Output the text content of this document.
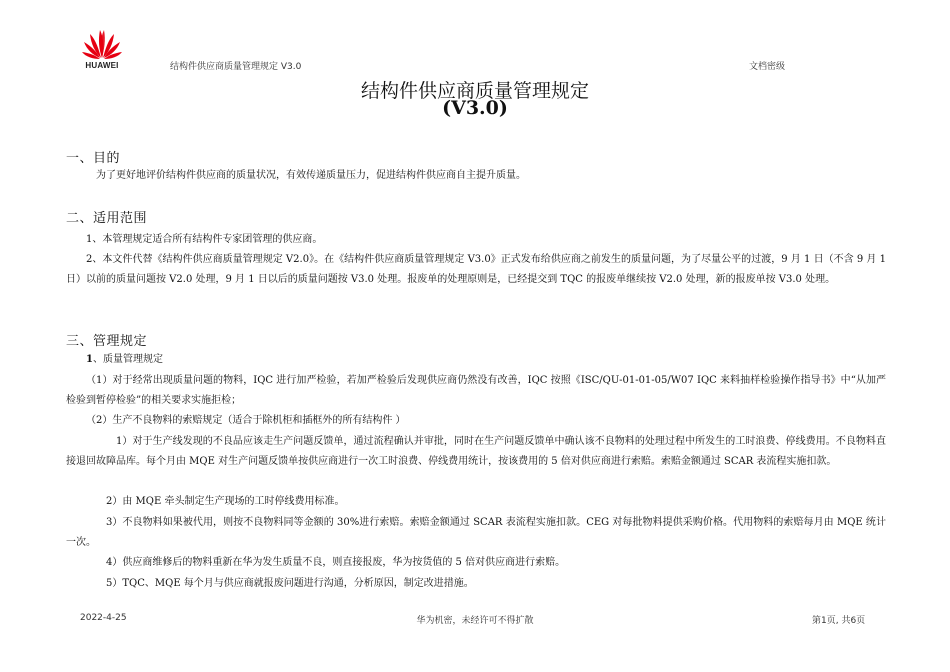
HUAWEI	结构件供应商质量管理规定 V3.0	文档密级
结构件供应商质量管理规定
(V3.0)
一、目的
为了更好地评价结构件供应商的质量状况，有效传递质量压力，促进结构件供应商自主提升质量。
二、适用范围
1、本管理规定适合所有结构件专家团管理的供应商。
2、本文件代替《结构件供应商质量管理规定 V2.0》。在《结构件供应商质量管理规定 V3.0》正式发布给供应商之前发生的质量问题，为了尽量公平的过渡，9 月 1 日（不含 9 月 1 日）以前的质量问题按 V2.0 处理，9 月 1 日以后的质量问题按 V3.0 处理。报废单的处理原则是，已经提交到 TQC 的报废单继续按 V2.0 处理，新的报废单按 V3.0 处理。
三、管理规定
1、质量管理规定
（1）对于经常出现质量问题的物料，IQC 进行加严检验，若加严检验后发现供应商仍然没有改善，IQC 按照《ISC/QU-01-01-05/W07 IQC 来料抽样检验操作指导书》中“从加严检验到暂停检验”的相关要求实施拒检；
（2）生产不良物料的索赔规定（适合于除机柜和插框外的所有结构件 ）
1）对于生产线发现的不良品应该走生产问题反馈单，通过流程确认并审批，同时在生产问题反馈单中确认该不良物料的处理过程中所发生的工时浪费、停线费用。不良物料直接退回故障品库。每个月由 MQE 对生产问题反馈单按供应商进行一次工时浪费、停线费用统计，按该费用的 5 倍对供应商进行索赔。索赔金额通过 SCAR 表流程实施扣款。
2）由 MQE 牵头制定生产现场的工时停线费用标准。
3）不良物料如果被代用，则按不良物料同等金额的 30%进行索赔。索赔金额通过 SCAR 表流程实施扣款。CEG 对每批物料提供采购价格。代用物料的索赔每月由 MQE 统计一次。
4）供应商维修后的物料重新在华为发生质量不良，则直接报废，华为按货值的 5 倍对供应商进行索赔。
5）TQC、MQE 每个月与供应商就报废问题进行沟通，分析原因，制定改进措施。
2022-4-25	华为机密，未经许可不得扩散	第1页, 共6页
